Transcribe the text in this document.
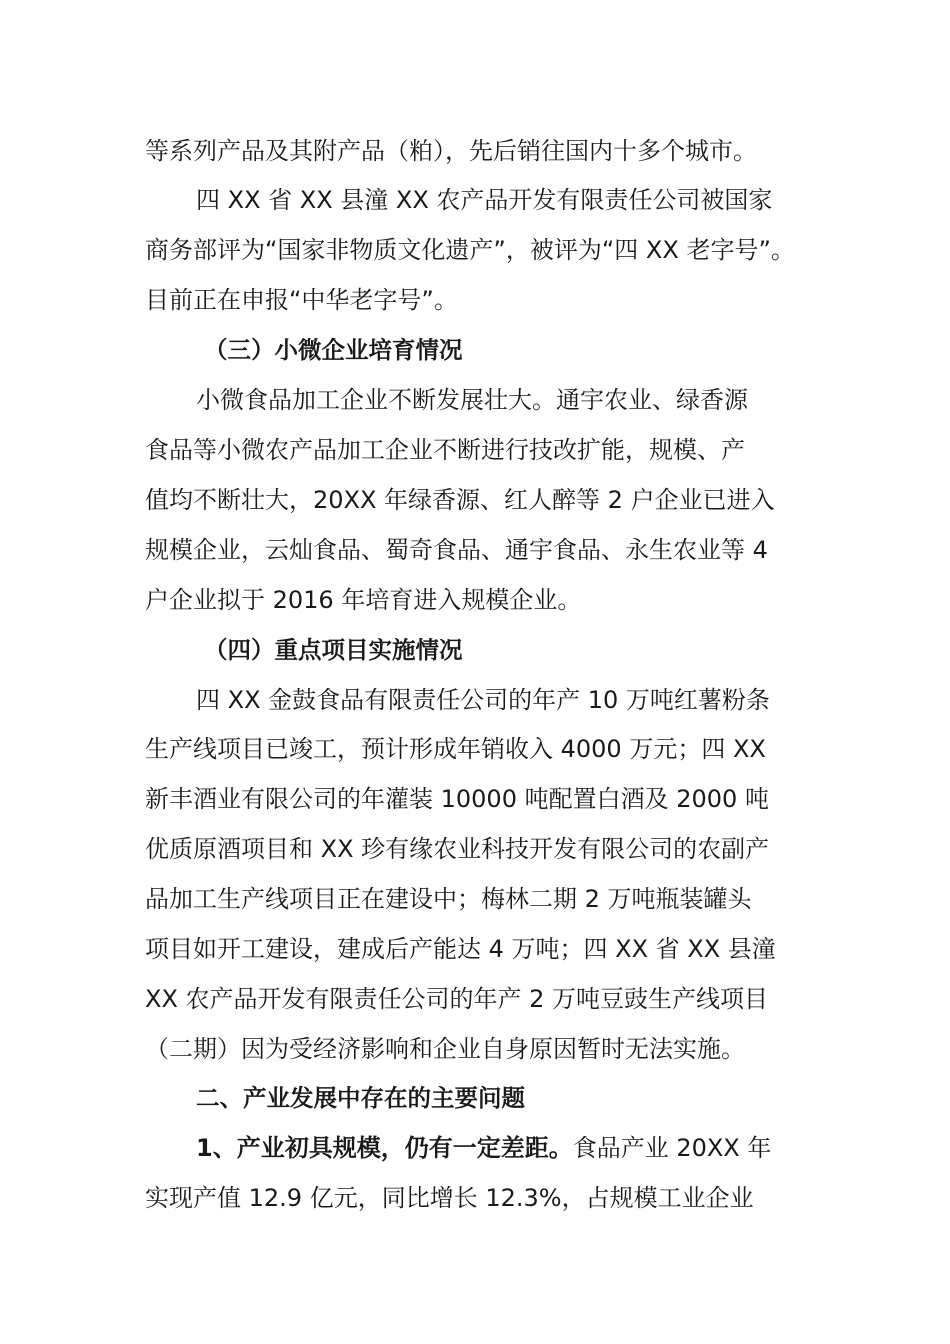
等系列产品及其附产品（粕），先后销往国内十多个城市。
四 XX 省 XX 县潼 XX 农产品开发有限责任公司被国家
商务部评为“国家非物质文化遗产”，被评为“四 XX 老字号”。
目前正在申报“中华老字号”。
（三）小微企业培育情况
小微食品加工企业不断发展壮大。通宇农业、绿香源
食品等小微农产品加工企业不断进行技改扩能，规模、产
值均不断壮大，20XX 年绿香源、红人醉等 2 户企业已进入
规模企业，云灿食品、蜀奇食品、通宇食品、永生农业等 4
户企业拟于 2016 年培育进入规模企业。
（四）重点项目实施情况
四 XX 金鼓食品有限责任公司的年产 10 万吨红薯粉条
生产线项目已竣工，预计形成年销收入 4000 万元；四 XX
新丰酒业有限公司的年灌装 10000 吨配置白酒及 2000 吨
优质原酒项目和 XX 珍有缘农业科技开发有限公司的农副产
品加工生产线项目正在建设中；梅林二期 2 万吨瓶装罐头
项目如开工建设，建成后产能达 4 万吨；四 XX 省 XX 县潼
XX 农产品开发有限责任公司的年产 2 万吨豆豉生产线项目
（二期）因为受经济影响和企业自身原因暂时无法实施。
二、产业发展中存在的主要问题
1、产业初具规模，仍有一定差距。食品产业 20XX 年
实现产值 12.9 亿元，同比增长 12.3%，占规模工业企业
